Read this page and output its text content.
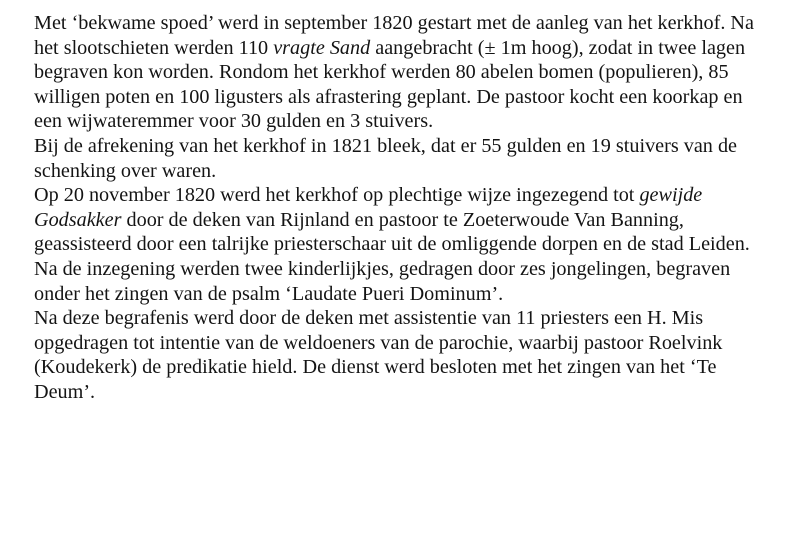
Met ‘bekwame spoed’ werd in september 1820 gestart met de aanleg van het kerkhof. Na het slootschieten werden 110 vragte Sand aangebracht (± 1m hoog), zodat in twee lagen begraven kon worden. Rondom het kerkhof werden 80 abelen bomen (populieren), 85 willigen poten en 100 ligusters als afrastering geplant. De pastoor kocht een koorkap en een wijwateremmer voor 30 gulden en 3 stuivers.

Bij de afrekening van het kerkhof in 1821 bleek, dat er 55 gulden en 19 stuivers van de schenking over waren.

Op 20 november 1820 werd het kerkhof op plechtige wijze ingezegend tot gewijde Godsakker door de deken van Rijnland en pastoor te Zoeterwoude Van Banning, geassisteerd door een talrijke priesterschaar uit de omliggende dorpen en de stad Leiden.

Na de inzegening werden twee kinderlijkjes, gedragen door zes jongelingen, begraven onder het zingen van de psalm ‘Laudate Pueri Dominum’.

Na deze begrafenis werd door de deken met assistentie van 11 priesters een H. Mis opgedragen tot intentie van de weldoeners van de parochie, waarbij pastoor Roelvink (Koudekerk) de predikatie hield. De dienst werd besloten met het zingen van het ‘Te Deum’.
